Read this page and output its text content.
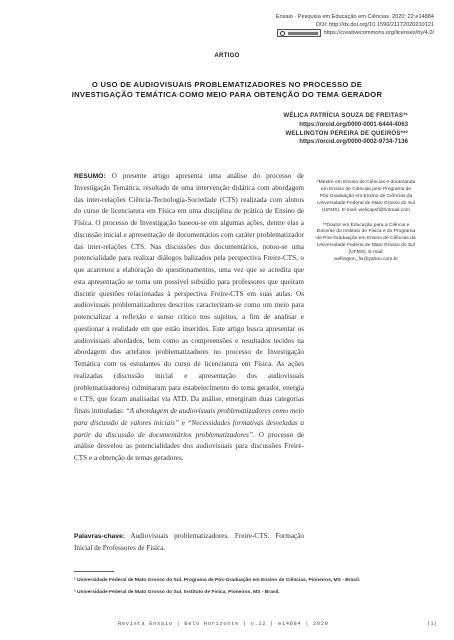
Ensaio · Pesquisa em Educação em Ciências. 2020; 22:e14884
DOI: http://dx.doi.org/10.1590/21172020210121
https://creativecommons.org/licenses/by/4.0/
ARTIGO
O USO DE AUDIOVISUAIS PROBLEMATIZADORES NO PROCESSO DE INVESTIGAÇÃO TEMÁTICA COMO MEIO PARA OBTENÇÃO DO TEMA GERADOR
WÉLICA PATRÍCIA SOUZA DE FREITAS*¹
https://orcid.org/0000-0001-6444-4063
WELLINGTON PEREIRA DE QUEIRÓS**²
https://orcid.org/0000-0002-9734-7136
RESUMO: O presente artigo apresenta uma análise do processo de Investigação Temática, resultado de uma intervenção didática com abordagem das inter-relações Ciência-Tecnologia-Sociedade (CTS) realizada com alunos do curso de licenciatura em Física em uma disciplina de prática de Ensino de Física. O processo de Investigação baseou-se em algumas ações, dentre elas a discussão inicial e apresentação de documentários com caráter problematizador das inter-relações CTS. Nas discussões dos documentários, notou-se uma potencialidade para realizar diálogos balizados pela perspectiva Freire-CTS, o que acarretou a elaboração de questionamentos, uma vez que se acredita que esta apresentação se torna um possível subsídio para professores que queiram discutir questões relacionadas à perspectiva Freire-CTS em suas aulas. Os audiovisuais problematizadores descritos caracterizam-se como um meio para potencializar a reflexão e senso crítico nos sujeitos, a fim de analisar e questionar a realidade em que estão inseridos. Este artigo busca apresentar os audiovisuais abordados, bem como as compreensões e resultados tecidos na abordagem dos artefatos problematizadores no processo de Investigação Temática com os estudantes do curso de licenciatura em Física. As ações realizadas (discussão inicial e apresentação dos audiovisuais problematizadores) culminaram para estabelecimento do tema gerador, energia e CTS, que foram analisadas via ATD. Da análise, emergiram duas categorias finais intituladas: “A abordagem de audiovisuais problematizadores como meio para discussão de valores iniciais” e “Necessidades formativas desveladas a partir da discussão de documentários problematizadores”. O processo de análise desvelou as potencialidades dos audiovisuais para discussões Freire-CTS e a obtenção de temas geradores.
Palavras-chave: Audiovisuais problematizadores. Freire-CTS. Formação Inicial de Professores de Física.
*Mestre em Ensino de Ciências e doutoranda em Ensino de Ciências pelo Programa de Pós-Graduação em Ensino de Ciências da Universidade Federal de Mato Grosso do Sul (UFMS). E-mail: welicapsf@hotmail.com
**Doutor em Educação para a Ciência e Docente do Instituto de Física e do Programa de Pós-Graduação em Ensino de Ciências da Universidade Federal de Mato Grosso do Sul (UFMS). E-mail: wellington_fis@yahoo.com.br
¹ Universidade Federal de Mato Grosso do Sul, Programa de Pós-Graduação em Ensino de Ciências, Pioneiros, MS - Brasil.
² Universidade Federal de Mato Grosso do Sul, Instituto de Física, Pioneiros, MS - Brasil.
Revista Ensaio | Belo Horizonte | v.22 | e14884 | 2020	|1|
